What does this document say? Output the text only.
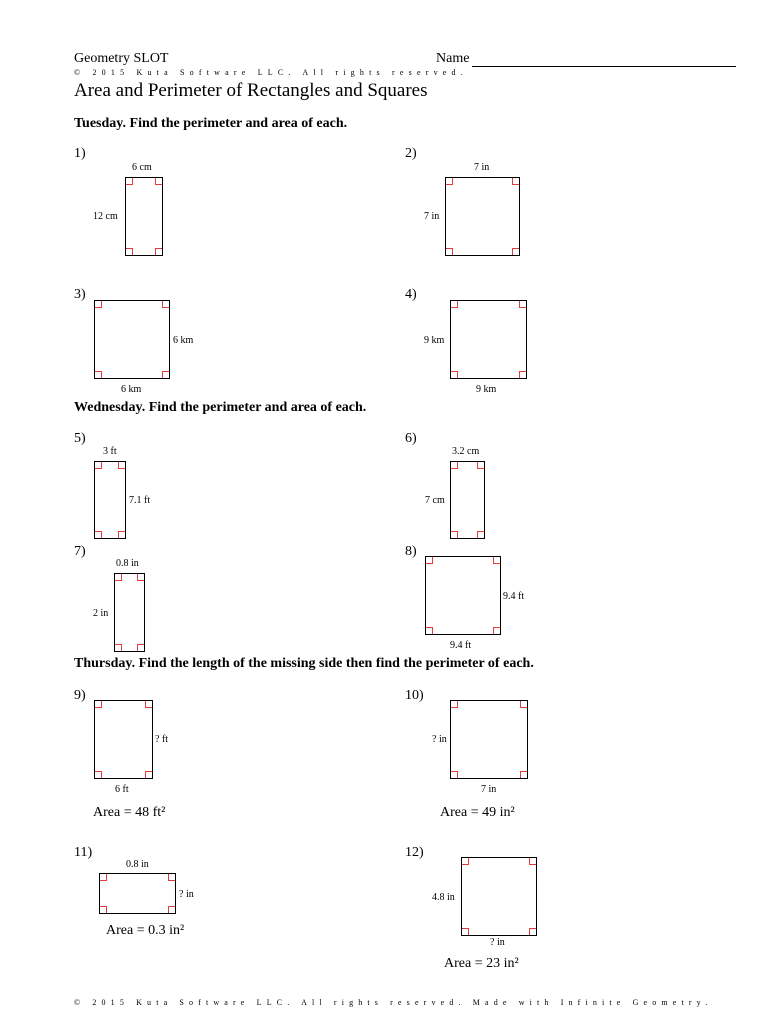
Geometry SLOT	Name
© 2015 Kuta Software LLC. All rights reserved.
Area and Perimeter of Rectangles and Squares
Tuesday. Find the perimeter and area of each.
Wednesday. Find the perimeter and area of each.
Thursday. Find the length of the missing side then find the perimeter of each.
1)
6 cm
12 cm
2)
7 in
7 in
3)
6 km
6 km
4)
9 km
9 km
5)
3 ft
7.1 ft
6)
3.2 cm
7 cm
7)
0.8 in
2 in
8)
9.4 ft
9.4 ft
9)
? ft
6 ft
Area = 48 ft²
10)
? in
7 in
Area = 49 in²
11)
0.8 in
? in
Area = 0.3 in²
12)
4.8 in
? in
Area = 23 in²
© 2015 Kuta Software LLC. All rights reserved. Made with Infinite Geometry.
